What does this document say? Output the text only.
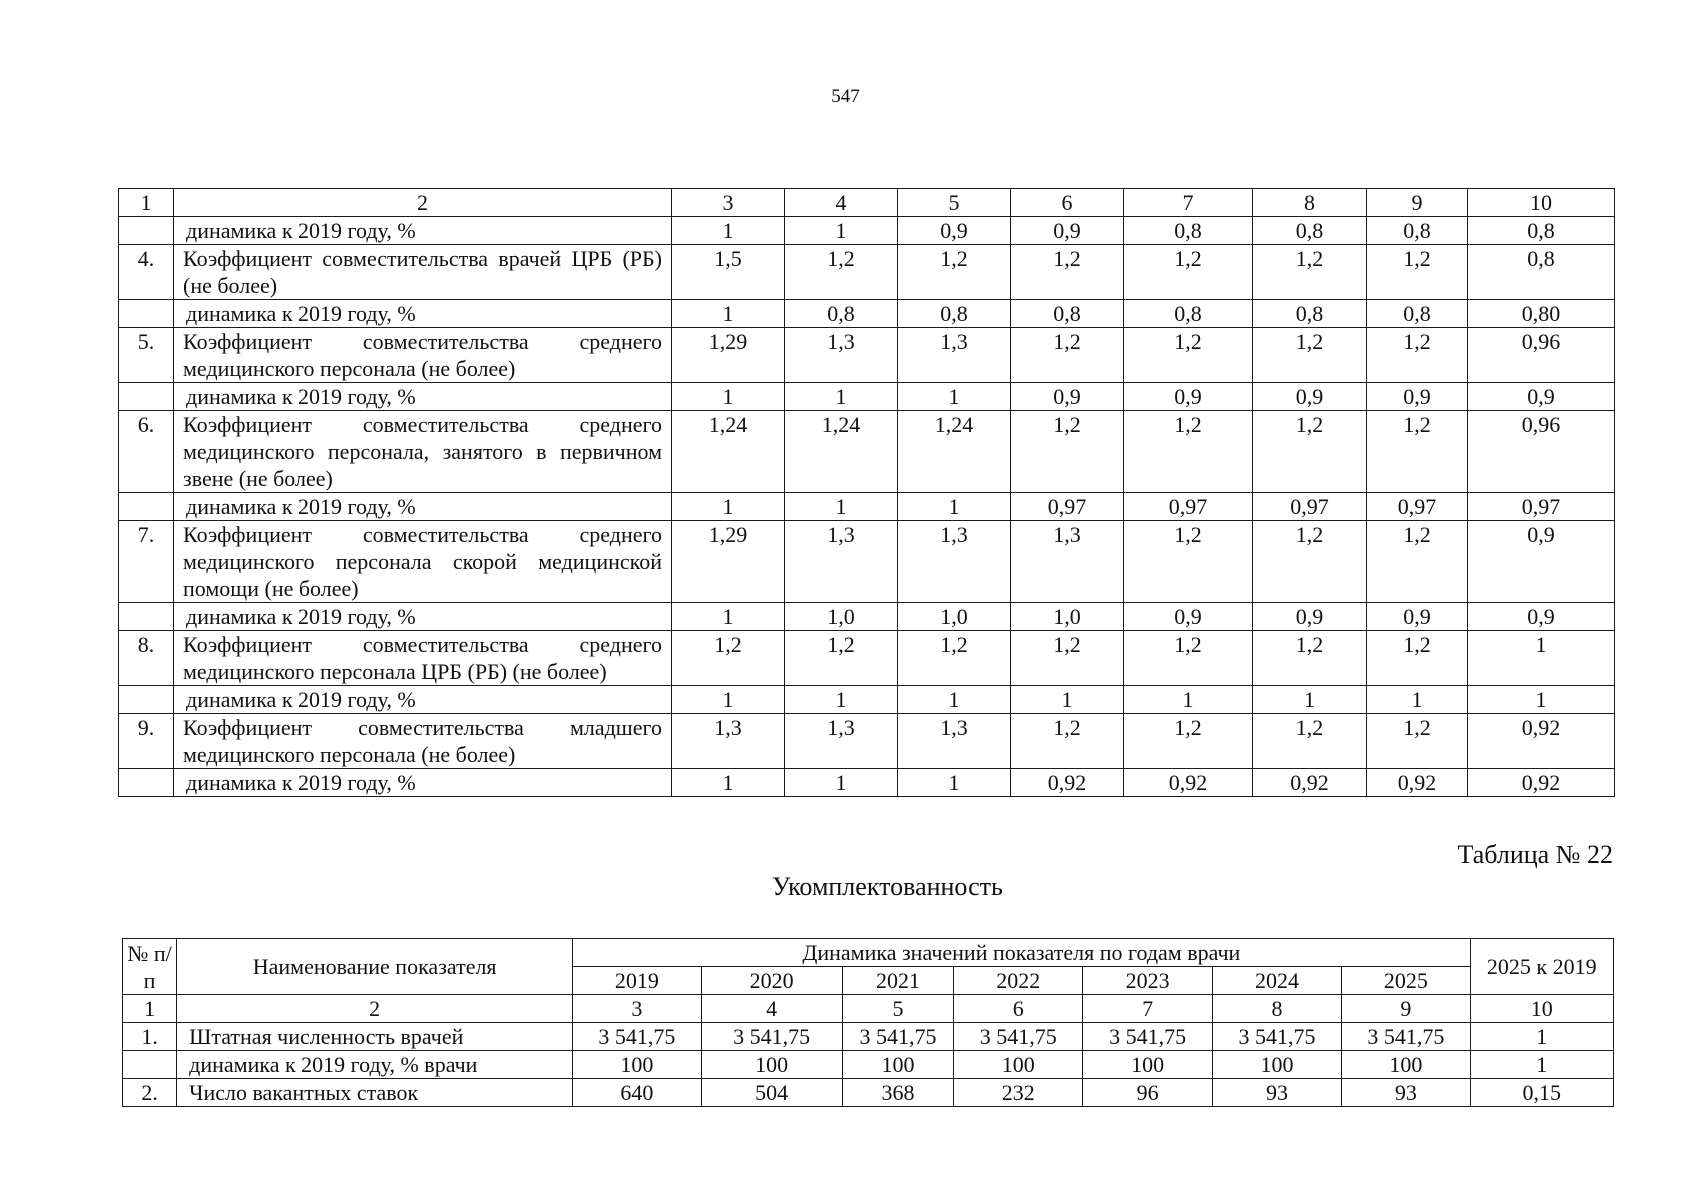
547
1	2	3	4	5	6	7	8	9	10
	динамика к 2019 году, %	1	1	0,9	0,9	0,8	0,8	0,8	0,8
4.	Коэффициент совместительства врачей ЦРБ (РБ) (не более)	1,5	1,2	1,2	1,2	1,2	1,2	1,2	0,8
	динамика к 2019 году, %	1	0,8	0,8	0,8	0,8	0,8	0,8	0,80
5.	Коэффициент совместительства среднего медицинского персонала (не более)	1,29	1,3	1,3	1,2	1,2	1,2	1,2	0,96
	динамика к 2019 году, %	1	1	1	0,9	0,9	0,9	0,9	0,9
6.	Коэффициент совместительства среднего медицинского персонала, занятого в первичном звене (не более)	1,24	1,24	1,24	1,2	1,2	1,2	1,2	0,96
	динамика к 2019 году, %	1	1	1	0,97	0,97	0,97	0,97	0,97
7.	Коэффициент совместительства среднего медицинского персонала скорой медицинской помощи (не более)	1,29	1,3	1,3	1,3	1,2	1,2	1,2	0,9
	динамика к 2019 году, %	1	1,0	1,0	1,0	0,9	0,9	0,9	0,9
8.	Коэффициент совместительства среднего медицинского персонала ЦРБ (РБ) (не более)	1,2	1,2	1,2	1,2	1,2	1,2	1,2	1
	динамика к 2019 году, %	1	1	1	1	1	1	1	1
9.	Коэффициент совместительства младшего медицинского персонала (не более)	1,3	1,3	1,3	1,2	1,2	1,2	1,2	0,92
	динамика к 2019 году, %	1	1	1	0,92	0,92	0,92	0,92	0,92
Таблица № 22
Укомплектованность
№ п/п	Наименование показателя	Динамика значений показателя по годам врачи							2025 к 2019
		2019	2020	2021	2022	2023	2024	2025	
1	2	3	4	5	6	7	8	9	10
1.	Штатная численность врачей	3 541,75	3 541,75	3 541,75	3 541,75	3 541,75	3 541,75	3 541,75	1
	динамика к 2019 году, % врачи	100	100	100	100	100	100	100	1
2.	Число вакантных ставок	640	504	368	232	96	93	93	0,15
